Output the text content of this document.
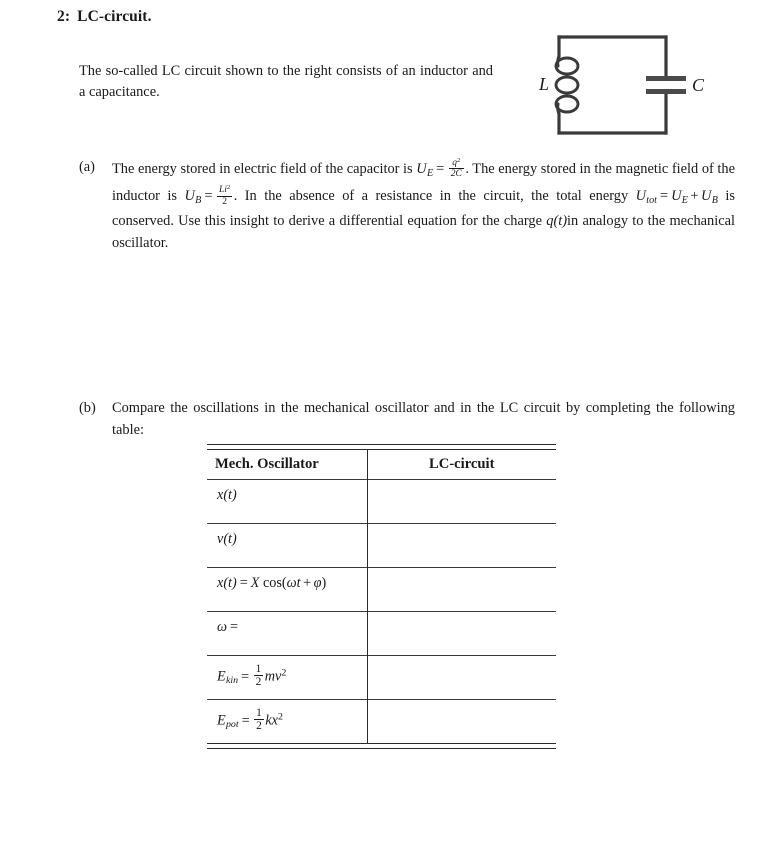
2: LC-circuit.
The so-called LC circuit shown to the right consists of an inductor and a capacitance.	L	C
(a)	The energy stored in electric field of the capacitor is $U_E = \frac{q^2}{2C}$ . The energy stored in the magnetic field of the inductor is $U_B = \frac{Li^2}{2}$ . In the absence of a resistance in the circuit, the total energy $U_{tot} = U_E + U_B$ is conserved. Use this insight to derive a differential equation for the charge q(t)in analogy to the mechanical oscillator.
(b)	Compare the oscillations in the mechanical oscillator and in the LC circuit by completing the following table:

Mech. Oscillator	LC-circuit

x(t)	

v(t)	

x(t) = X cos(ωt + φ)	

ω =	

$E_{kin} = \frac{1}{2} mv^2$

$E_{pot} = \frac{1}{2} kx^2$
